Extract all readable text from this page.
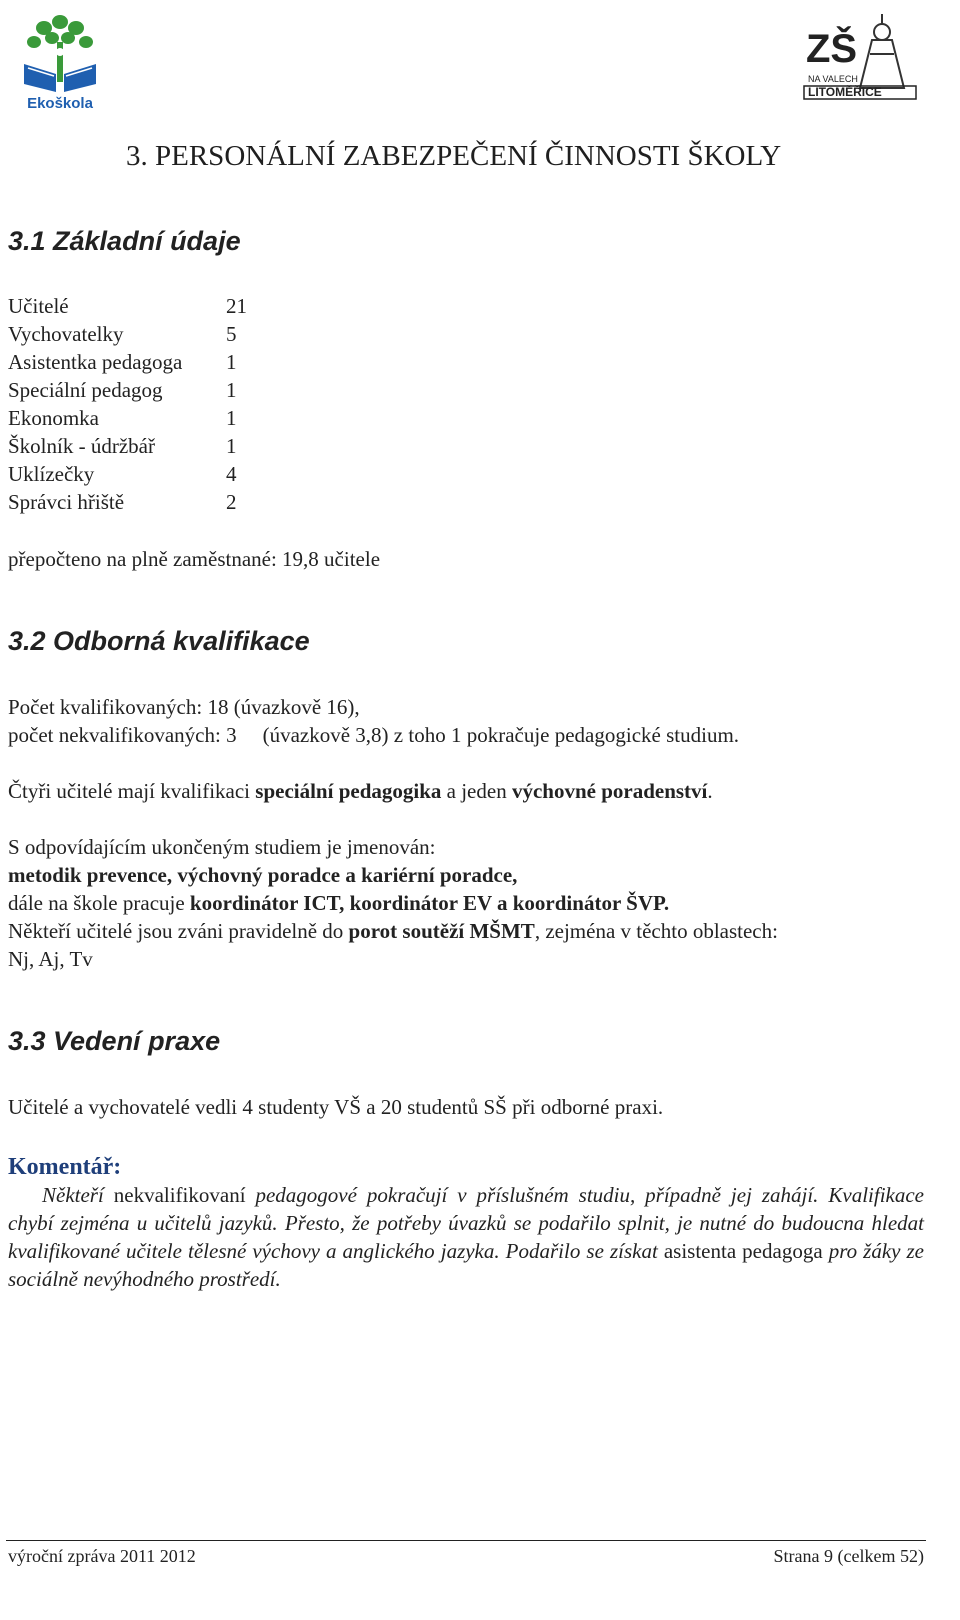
Ekoškola
ZŠ
NA VALECH
LITOMĚŘICE
3. PERSONÁLNÍ ZABEZPEČENÍ ČINNOSTI ŠKOLY
3.1 Základní údaje
Učitelé	21
Vychovatelky	5
Asistentka pedagoga 1
Speciální pedagog	1
Ekonomka	1
Školník - údržbář	1
Uklízečky	4
Správci hřiště	2
přepočteno na plně zaměstnané: 19,8 učitele
3.2 Odborná kvalifikace
Počet kvalifikovaných: 18 (úvazkově 16),
počet nekvalifikovaných: 3 (úvazkově 3,8) z toho 1 pokračuje pedagogické studium.
Čtyři učitelé mají kvalifikaci speciální pedagogika a jeden výchovné poradenství.
S odpovídajícím ukončeným studiem je jmenován:
metodik prevence, výchovný poradce a kariérní poradce,
dále na škole pracuje koordinátor ICT, koordinátor EV a koordinátor ŠVP.
Někteří učitelé jsou zváni pravidelně do porot soutěží MŠMT, zejména v těchto oblastech:
Nj, Aj, Tv
3.3 Vedení praxe
Učitelé a vychovatelé vedli 4 studenty VŠ a 20 studentů SŠ při odborné praxi.
Komentář:
Někteří nekvalifikovaní pedagogové pokračují v příslušném studiu, případně jej zahájí. Kvalifikace chybí zejména u učitelů jazyků. Přesto, že potřeby úvazků se podařilo splnit, je nutné do budoucna hledat kvalifikované učitele tělesné výchovy a anglického jazyka. Podařilo se získat asistenta pedagoga pro žáky ze sociálně nevýhodného prostředí.
výroční zpráva 2011 2012	Strana 9 (celkem 52)
